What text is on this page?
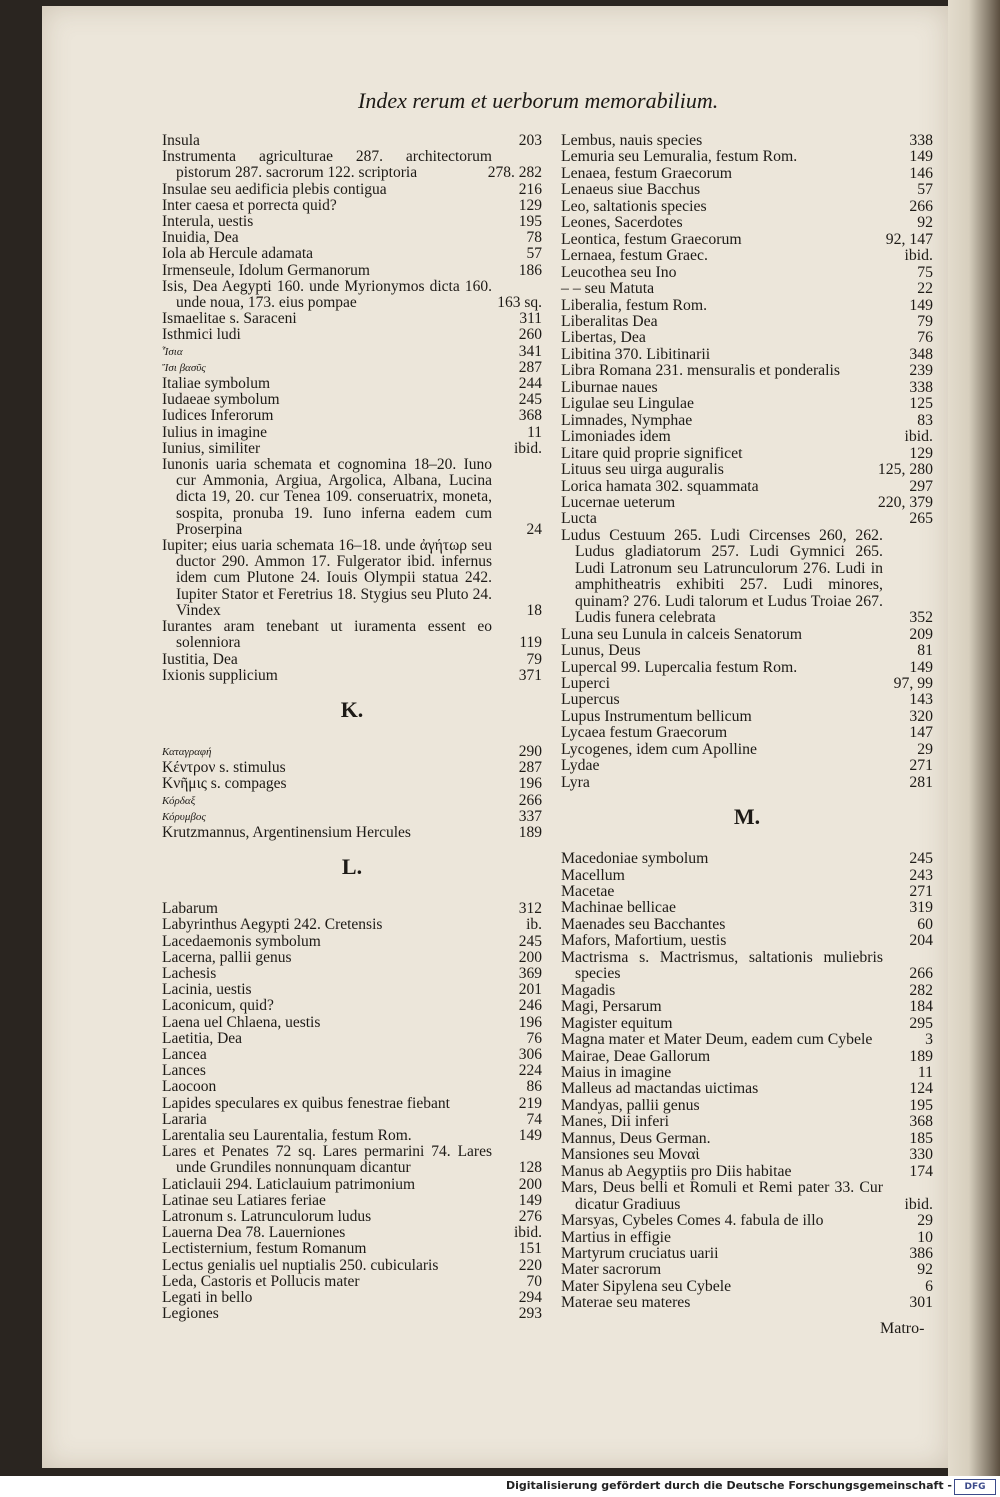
Index rerum et uerborum memorabilium.
Insula	203
Instrumenta agriculturae 287. architectorum pistorum 287. sacrorum 122. scriptoria	278. 282
Insulae seu aedificia plebis contigua	216
Inter caesa et porrecta quid?	129
Interula, uestis	195
Inuidia, Dea	78
Iola ab Hercule adamata	57
Irmenseule, Idolum Germanorum	186
Isis, Dea Aegypti 160. unde Myrionymos dicta 160. unde noua, 173. eius pompae	163 sq.
Ismaelitae s. Saraceni	311
Isthmici ludi	260
Ἶσια	341
Ἴσι βασῦς	287
Italiae symbolum	244
Iudaeae symbolum	245
Iudices Inferorum	368
Iulius in imagine	11
Iunius, similiter	ibid.
Iunonis uaria schemata et cognomina 18–20. Iuno cur Ammonia, Argiua, Argolica, Albana, Lucina dicta 19, 20. cur Tenea 109. conseruatrix, moneta, sospita, pronuba 19. Iuno inferna eadem cum Proserpina	24
Iupiter; eius uaria schemata 16–18. unde ἀγήτωρ seu ductor 290. Ammon 17. Fulgerator ibid. infernus idem cum Plutone 24. Iouis Olympii statua 242. Iupiter Stator et Feretrius 18. Stygius seu Pluto 24. Vindex	18
Iurantes aram tenebant ut iuramenta essent eo solenniora	119
Iustitia, Dea	79
Ixionis supplicium	371
K.
Καταγραφή	290
Κέντρον s. stimulus	287
Κνῆμις s. compages	196
Κόρδαξ	266
Κόρυμβος	337
Krutzmannus, Argentinensium Hercules	189
L.
Labarum	312
Labyrinthus Aegypti 242. Cretensis	ib.
Lacedaemonis symbolum	245
Lacerna, pallii genus	200
Lachesis	369
Lacinia, uestis	201
Laconicum, quid?	246
Laena uel Chlaena, uestis	196
Laetitia, Dea	76
Lancea	306
Lances	224
Laocoon	86
Lapides speculares ex quibus fenestrae fiebant	219
Lararia	74
Larentalia seu Laurentalia, festum Rom.	149
Lares et Penates 72 sq. Lares permarini 74. Lares unde Grundiles nonnunquam dicantur	128
Laticlauii 294. Laticlauium patrimonium	200
Latinae seu Latiares feriae	149
Latronum s. Latrunculorum ludus	276
Lauerna Dea 78. Lauerniones	ibid.
Lectisternium, festum Romanum	151
Lectus genialis uel nuptialis 250. cubicularis	220
Leda, Castoris et Pollucis mater	70
Legati in bello	294
Legiones	293
Lembus, nauis species	338
Lemuria seu Lemuralia, festum Rom.	149
Lenaea, festum Graecorum	146
Lenaeus siue Bacchus	57
Leo, saltationis species	266
Leones, Sacerdotes	92
Leontica, festum Graecorum	92, 147
Lernaea, festum Graec.	ibid.
Leucothea seu Ino	75
– – seu Matuta	22
Liberalia, festum Rom.	149
Liberalitas Dea	79
Libertas, Dea	76
Libitina 370. Libitinarii	348
Libra Romana 231. mensuralis et ponderalis	239
Liburnae naues	338
Ligulae seu Lingulae	125
Limnades, Nymphae	83
Limoniades idem	ibid.
Litare quid proprie significet	129
Lituus seu uirga auguralis	125, 280
Lorica hamata 302. squammata	297
Lucernae ueterum	220, 379
Lucta	265
Ludus Cestuum 265. Ludi Circenses 260, 262. Ludus gladiatorum 257. Ludi Gymnici 265. Ludi Latronum seu Latrunculorum 276. Ludi in amphitheatris exhibiti 257. Ludi minores, quinam? 276. Ludi talorum et Ludus Troiae 267. Ludis funera celebrata	352
Luna seu Lunula in calceis Senatorum	209
Lunus, Deus	81
Lupercal 99. Lupercalia festum Rom.	149
Luperci	97, 99
Lupercus	143
Lupus Instrumentum bellicum	320
Lycaea festum Graecorum	147
Lycogenes, idem cum Apolline	29
Lydae	271
Lyra	281
M.
Macedoniae symbolum	245
Macellum	243
Macetae	271
Machinae bellicae	319
Maenades seu Bacchantes	60
Mafors, Mafortium, uestis	204
Mactrisma s. Mactrismus, saltationis muliebris species	266
Magadis	282
Magi, Persarum	184
Magister equitum	295
Magna mater et Mater Deum, eadem cum Cybele	3
Mairae, Deae Gallorum	189
Maius in imagine	11
Malleus ad mactandas uictimas	124
Mandyas, pallii genus	195
Manes, Dii inferi	368
Mannus, Deus German.	185
Mansiones seu Μοναὶ	330
Manus ab Aegyptiis pro Diis habitae	174
Mars, Deus belli et Romuli et Remi pater 33. Cur dicatur Gradiuus	ibid.
Marsyas, Cybeles Comes 4. fabula de illo	29
Martius in effigie	10
Martyrum cruciatus uarii	386
Mater sacrorum	92
Mater Sipylena seu Cybele	6
Materae seu materes	301
Matro-
Digitalisierung gefördert durch die Deutsche Forschungsgemeinschaft -	DFG
